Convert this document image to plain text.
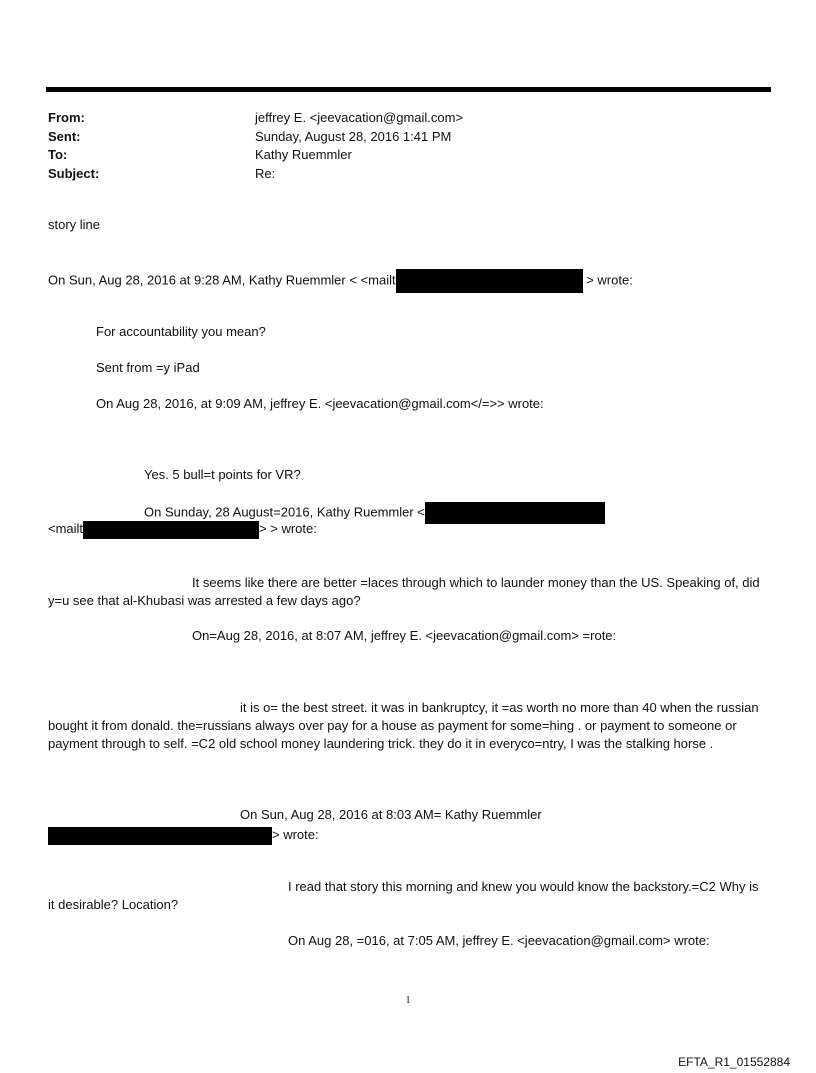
From:	jeffrey E. <jeevacation@gmail.com>
Sent:	Sunday, August 28, 2016 1:41 PM
To:	Kathy Ruemmler
Subject:	Re:
story line
On Sun, Aug 28, 2016 at 9:28 AM, Kathy Ruemmler < <mailt	> wrote:
For accountability you mean?
Sent from =y iPad
On Aug 28, 2016, at 9:09 AM, jeffrey E. <jeevacation@gmail.com</=>> wrote:
Yes. 5 bull=t points for VR?
On Sunday, 28 August=2016, Kathy Ruemmler <
<mailt	> > wrote:
It seems like there are better =laces through which to launder money than the US. Speaking of, did y=u see that al-Khubasi was arrested a few days ago?
On=Aug 28, 2016, at 8:07 AM, jeffrey E. <jeevacation@gmail.com> =rote:
it is o= the best street. it was in bankruptcy, it =as worth no more than 40 when the russian bought it from donald. the=russians always over pay for a house as payment for some=hing . or payment to someone or payment through to self. =C2 old school money laundering trick. they do it in everyco=ntry, I was the stalking horse .
On Sun, Aug 28, 2016 at 8:03 AM= Kathy Ruemmler
> wrote:
I read that story this morning and knew you would know the backstory.=C2 Why is it desirable? Location?
On Aug 28, =016, at 7:05 AM, jeffrey E. <jeevacation@gmail.com> wrote:
1
EFTA_R1_01552884
